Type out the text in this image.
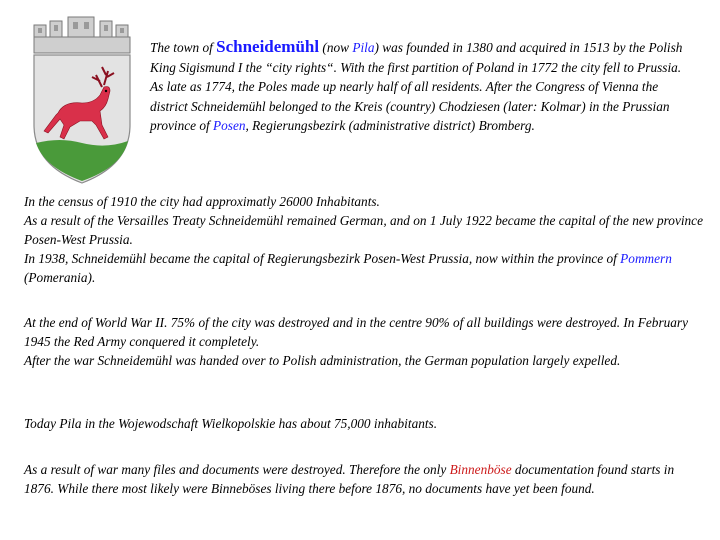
The town of Schneidemühl (now Pila) was founded in 1380 and acquired in 1513 by the Polish King Sigismund I the “city rights“. With the first partition of Poland in 1772 the city fell to Prussia. As late as 1774, the Poles made up nearly half of all residents. After the Congress of Vienna the district Schneidemühl belonged to the Kreis (country) Chodziesen (later: Kolmar) in the Prussian province of Posen, Regierungsbezirk (administrative district) Bromberg.
In the census of 1910 the city had approximatly 26000 Inhabitants.
As a result of the Versailles Treaty Schneidemühl remained German, and on 1 July 1922 became the capital of the new province Posen-West Prussia.
In 1938, Schneidemühl became the capital of Regierungsbezirk Posen-West Prussia, now within the province of Pommern (Pomerania).
At the end of World War II. 75% of the city was destroyed and in the centre 90% of all buildings were destroyed. In February 1945 the Red Army conquered it completely.
After the war Schneidemühl was handed over to Polish administration, the German population largely expelled.
Today Pila in the Wojewodschaft Wielkopolskie has about 75,000 inhabitants.
As a result of war many files and documents were destroyed. Therefore the only Binnenböse documentation found starts in 1876. While there most likely were Binneböses living there before 1876, no documents have yet been found.
